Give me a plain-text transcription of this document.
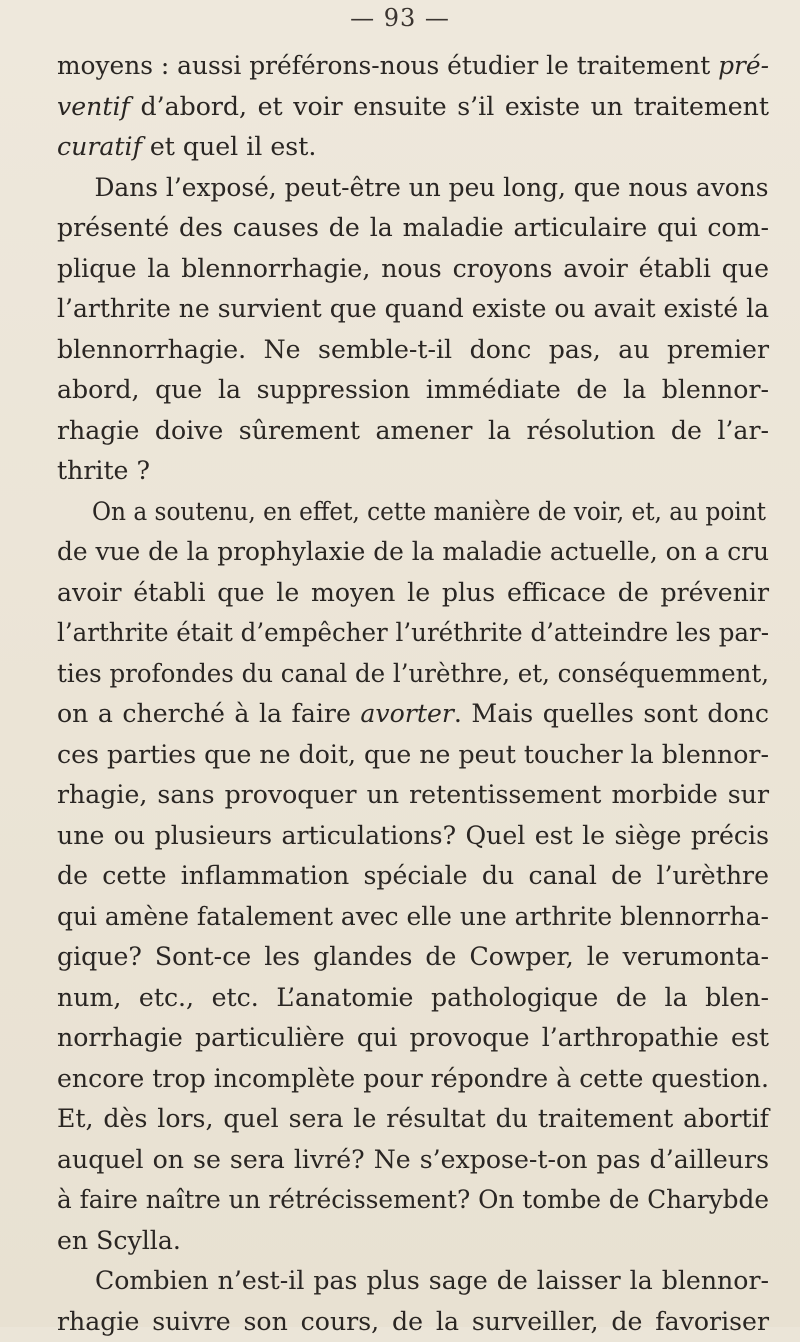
— 93 —
moyens : aussi préférons-nous étudier le traitement pré-
ventif d’abord, et voir ensuite s’il existe un traitement
curatif et quel il est.
Dans l’exposé, peut-être un peu long, que nous avons
présenté des causes de la maladie articulaire qui com-
plique la blennorrhagie, nous croyons avoir établi que
l’arthrite ne survient que quand existe ou avait existé la
blennorrhagie. Ne semble-t-il donc pas, au premier
abord, que la suppression immédiate de la blennor-
rhagie doive sûrement amener la résolution de l’ar-
thrite ?
On a soutenu, en effet, cette manière de voir, et, au point
de vue de la prophylaxie de la maladie actuelle, on a cru
avoir établi que le moyen le plus efficace de prévenir
l’arthrite était d’empêcher l’uréthrite d’atteindre les par-
ties profondes du canal de l’urèthre, et, conséquemment,
on a cherché à la faire avorter. Mais quelles sont donc
ces parties que ne doit, que ne peut toucher la blennor-
rhagie, sans provoquer un retentissement morbide sur
une ou plusieurs articulations? Quel est le siège précis
de cette inflammation spéciale du canal de l’urèthre
qui amène fatalement avec elle une arthrite blennorrha-
gique? Sont-ce les glandes de Cowper, le verumonta-
num, etc., etc. L’anatomie pathologique de la blen-
norrhagie particulière qui provoque l’arthropathie est
encore trop incomplète pour répondre à cette question.
Et, dès lors, quel sera le résultat du traitement abortif
auquel on se sera livré? Ne s’expose-t-on pas d’ailleurs
à faire naître un rétrécissement? On tombe de Charybde
en Scylla.
Combien n’est-il pas plus sage de laisser la blennor-
rhagie suivre son cours, de la surveiller, de favoriser
